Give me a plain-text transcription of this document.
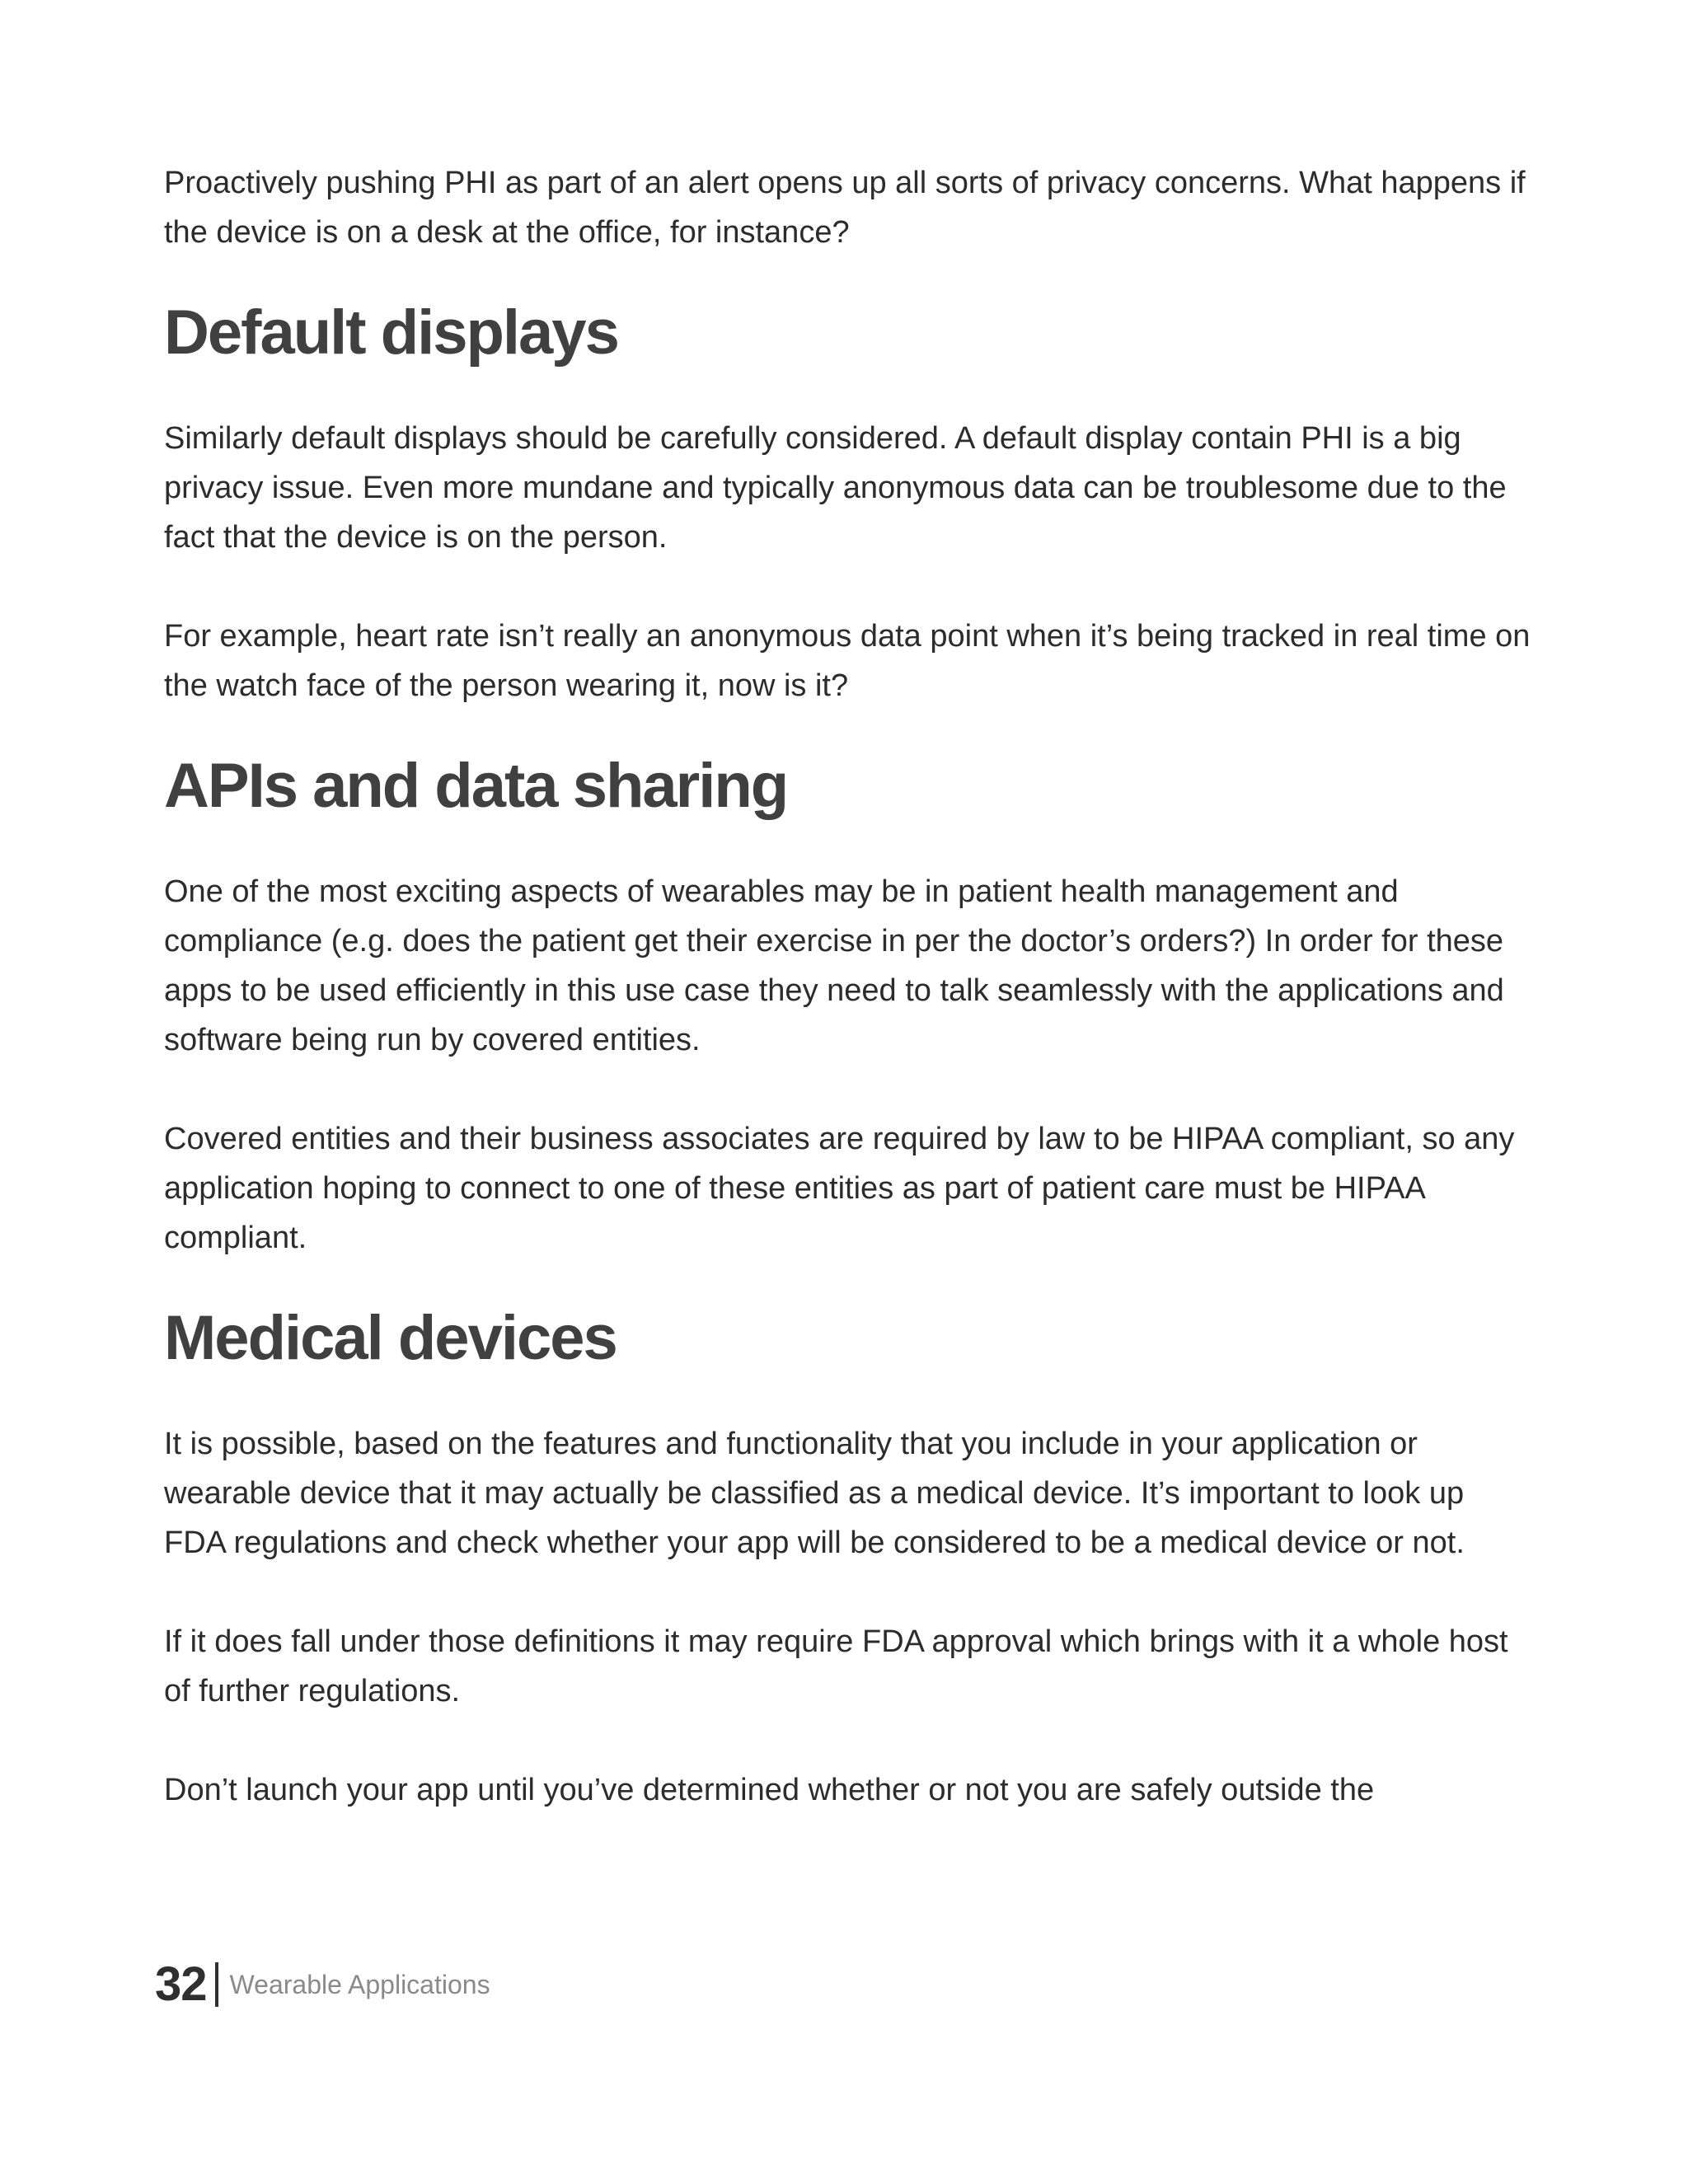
Proactively pushing PHI as part of an alert opens up all sorts of privacy concerns. What happens if the device is on a desk at the office, for instance?

Default displays

Similarly default displays should be carefully considered. A default display contain PHI is a big privacy issue. Even more mundane and typically anonymous data can be troublesome due to the fact that the device is on the person.

For example, heart rate isn’t really an anonymous data point when it’s being tracked in real time on the watch face of the person wearing it, now is it?

APIs and data sharing

One of the most exciting aspects of wearables may be in patient health management and compliance (e.g. does the patient get their exercise in per the doctor’s orders?) In order for these apps to be used efficiently in this use case they need to talk seamlessly with the applications and software being run by covered entities.

Covered entities and their business associates are required by law to be HIPAA compliant, so any application hoping to connect to one of these entities as part of patient care must be HIPAA compliant.

Medical devices

It is possible, based on the features and functionality that you include in your application or wearable device that it may actually be classified as a medical device. It’s important to look up FDA regulations and check whether your app will be considered to be a medical device or not.

If it does fall under those definitions it may require FDA approval which brings with it a whole host of further regulations.

Don’t launch your app until you’ve determined whether or not you are safely outside the

32 Wearable Applications
